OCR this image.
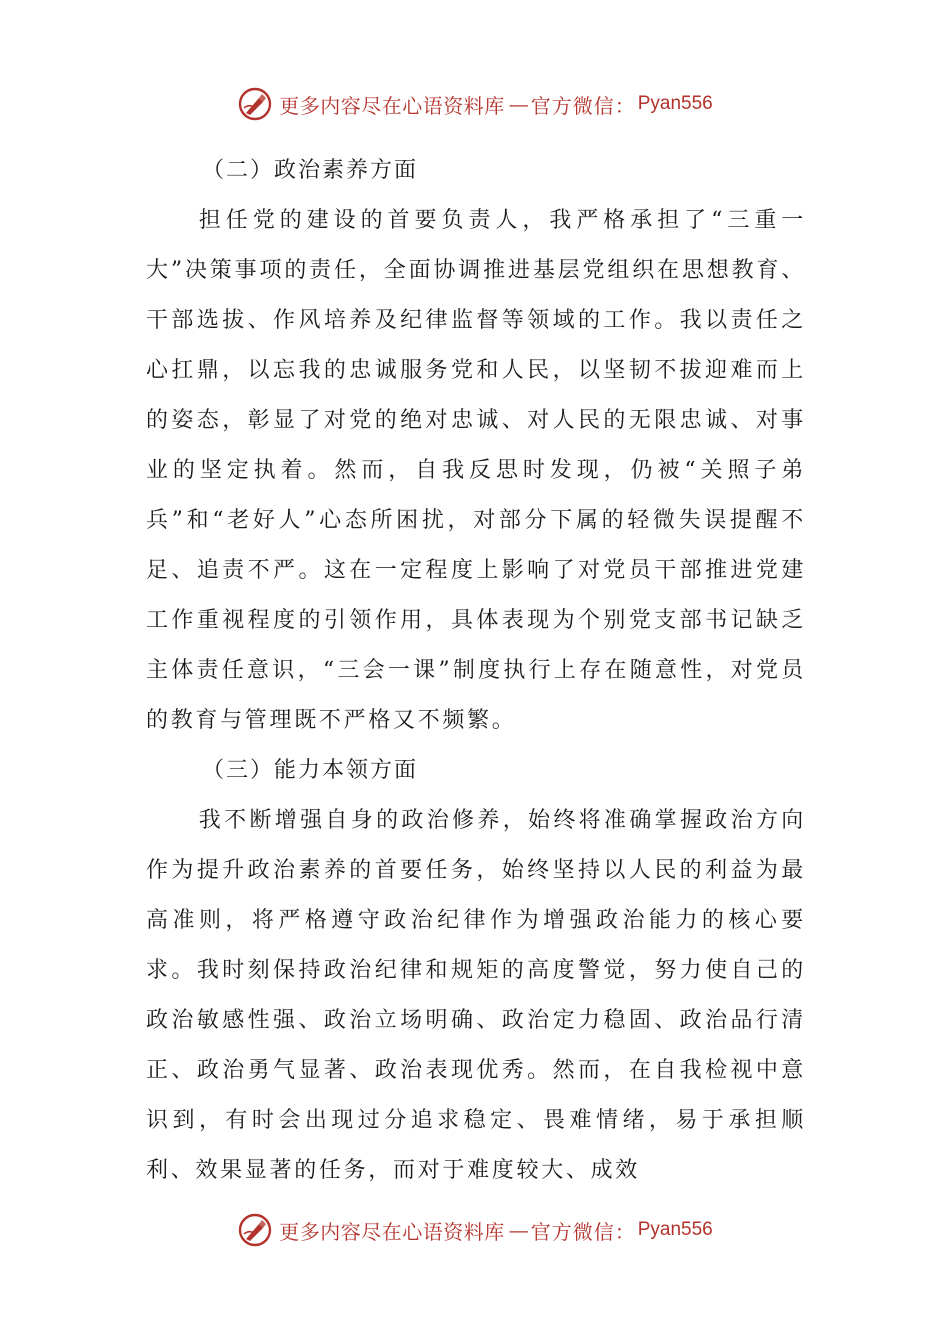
更多内容尽在心语资料库 — 官方微信： Pyan556
（二）政治素养方面
担任党的建设的首要负责人，我严格承担了“三重一大”决策事项的责任，全面协调推进基层党组织在思想教育、干部选拔、作风培养及纪律监督等领域的工作。我以责任之心扛鼎，以忘我的忠诚服务党和人民，以坚韧不拔迎难而上的姿态，彰显了对党的绝对忠诚、对人民的无限忠诚、对事业的坚定执着。然而，自我反思时发现，仍被“关照子弟兵”和“老好人”心态所困扰，对部分下属的轻微失误提醒不足、追责不严。这在一定程度上影响了对党员干部推进党建工作重视程度的引领作用，具体表现为个别党支部书记缺乏主体责任意识，“三会一课”制度执行上存在随意性，对党员的教育与管理既不严格又不频繁。
（三）能力本领方面
我不断增强自身的政治修养，始终将准确掌握政治方向作为提升政治素养的首要任务，始终坚持以人民的利益为最高准则，将严格遵守政治纪律作为增强政治能力的核心要求。我时刻保持政治纪律和规矩的高度警觉，努力使自己的政治敏感性强、政治立场明确、政治定力稳固、政治品行清正、政治勇气显著、政治表现优秀。然而，在自我检视中意识到，有时会出现过分追求稳定、畏难情绪，易于承担顺利、效果显著的任务，而对于难度较大、成效
更多内容尽在心语资料库 — 官方微信： Pyan556
